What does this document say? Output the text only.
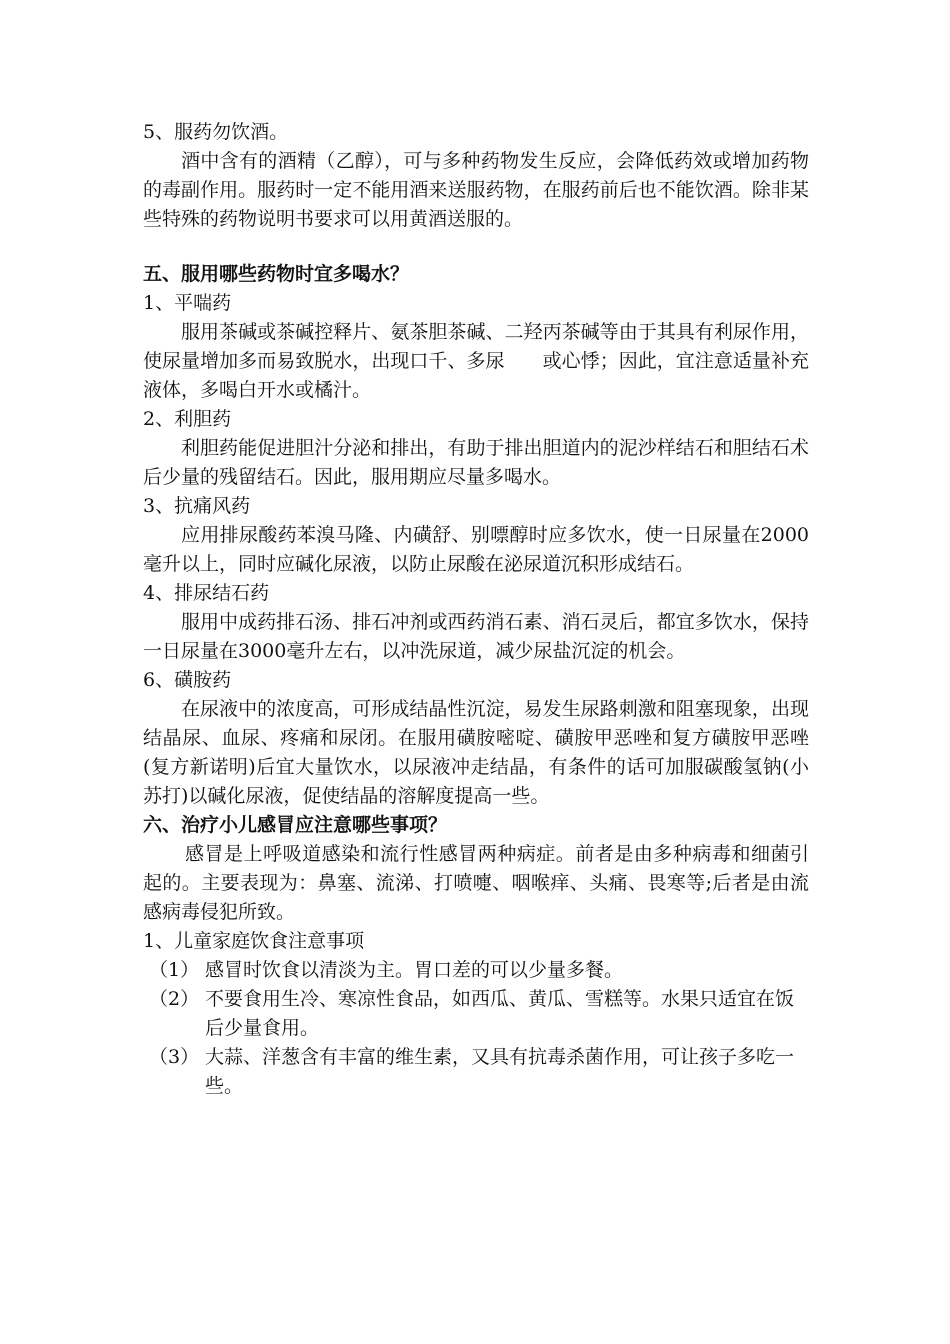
5、服药勿饮酒。

酒中含有的酒精（乙醇），可与多种药物发生反应，会降低药效或增加药物的毒副作用。服药时一定不能用酒来送服药物，在服药前后也不能饮酒。除非某些特殊的药物说明书要求可以用黄酒送服的。

五、服用哪些药物时宜多喝水？

1、平喘药

服用茶碱或茶碱控释片、氨茶胆茶碱、二羟丙茶碱等由于其具有利尿作用，使尿量增加多而易致脱水，出现口千、多尿　　或心悸；因此，宜注意适量补充液体，多喝白开水或橘汁。

2、利胆药

利胆药能促进胆汁分泌和排出，有助于排出胆道内的泥沙样结石和胆结石术后少量的残留结石。因此，服用期应尽量多喝水。

3、抗痛风药

应用排尿酸药苯溴马隆、内磺舒、别嘌醇时应多饮水，使一日尿量在2000毫升以上，同时应碱化尿液，以防止尿酸在泌尿道沉积形成结石。

4、排尿结石药

服用中成药排石汤、排石冲剂或西药消石素、消石灵后，都宜多饮水，保持一日尿量在3000毫升左右，以冲洗尿道，减少尿盐沉淀的机会。

6、磺胺药

在尿液中的浓度高，可形成结晶性沉淀，易发生尿路刺激和阻塞现象，出现结晶尿、血尿、疼痛和尿闭。在服用磺胺嘧啶、磺胺甲恶唑和复方磺胺甲恶唑(复方新诺明)后宜大量饮水，以尿液冲走结晶，有条件的话可加服碳酸氢钠(小苏打)以碱化尿液，促使结晶的溶解度提高一些。

六、治疗小儿感冒应注意哪些事项？

感冒是上呼吸道感染和流行性感冒两种病症。前者是由多种病毒和细菌引起的。主要表现为：鼻塞、流涕、打喷嚏、咽喉痒、头痛、畏寒等;后者是由流感病毒侵犯所致。

1、儿童家庭饮食注意事项

（1） 感冒时饮食以清淡为主。胃口差的可以少量多餐。
（2） 不要食用生冷、寒凉性食品，如西瓜、黄瓜、雪糕等。水果只适宜在饭后少量食用。
（3） 大蒜、洋葱含有丰富的维生素，又具有抗毒杀菌作用，可让孩子多吃一些。
